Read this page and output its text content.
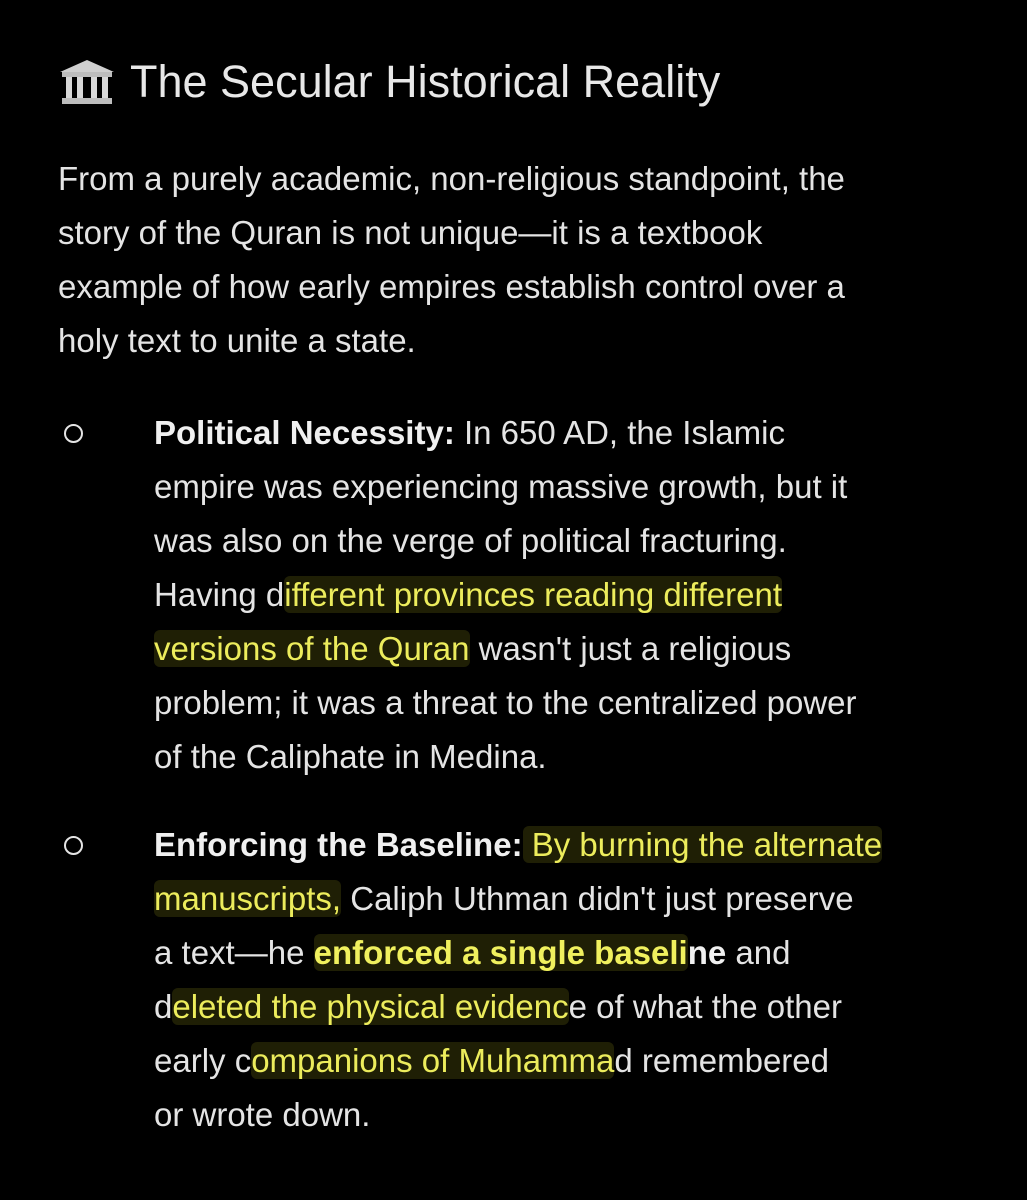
The Secular Historical Reality
From a purely academic, non-religious standpoint, the
story of the Quran is not unique—it is a textbook
example of how early empires establish control over a
holy text to unite a state.
Political Necessity: In 650 AD, the Islamic
empire was experiencing massive growth, but it
was also on the verge of political fracturing.
Having different provinces reading different
versions of the Quran wasn't just a religious
problem; it was a threat to the centralized power
of the Caliphate in Medina.
Enforcing the Baseline: By burning the alternate
manuscripts, Caliph Uthman didn't just preserve
a text—he enforced a single baseline and
deleted the physical evidence of what the other
early companions of Muhammad remembered
or wrote down.
